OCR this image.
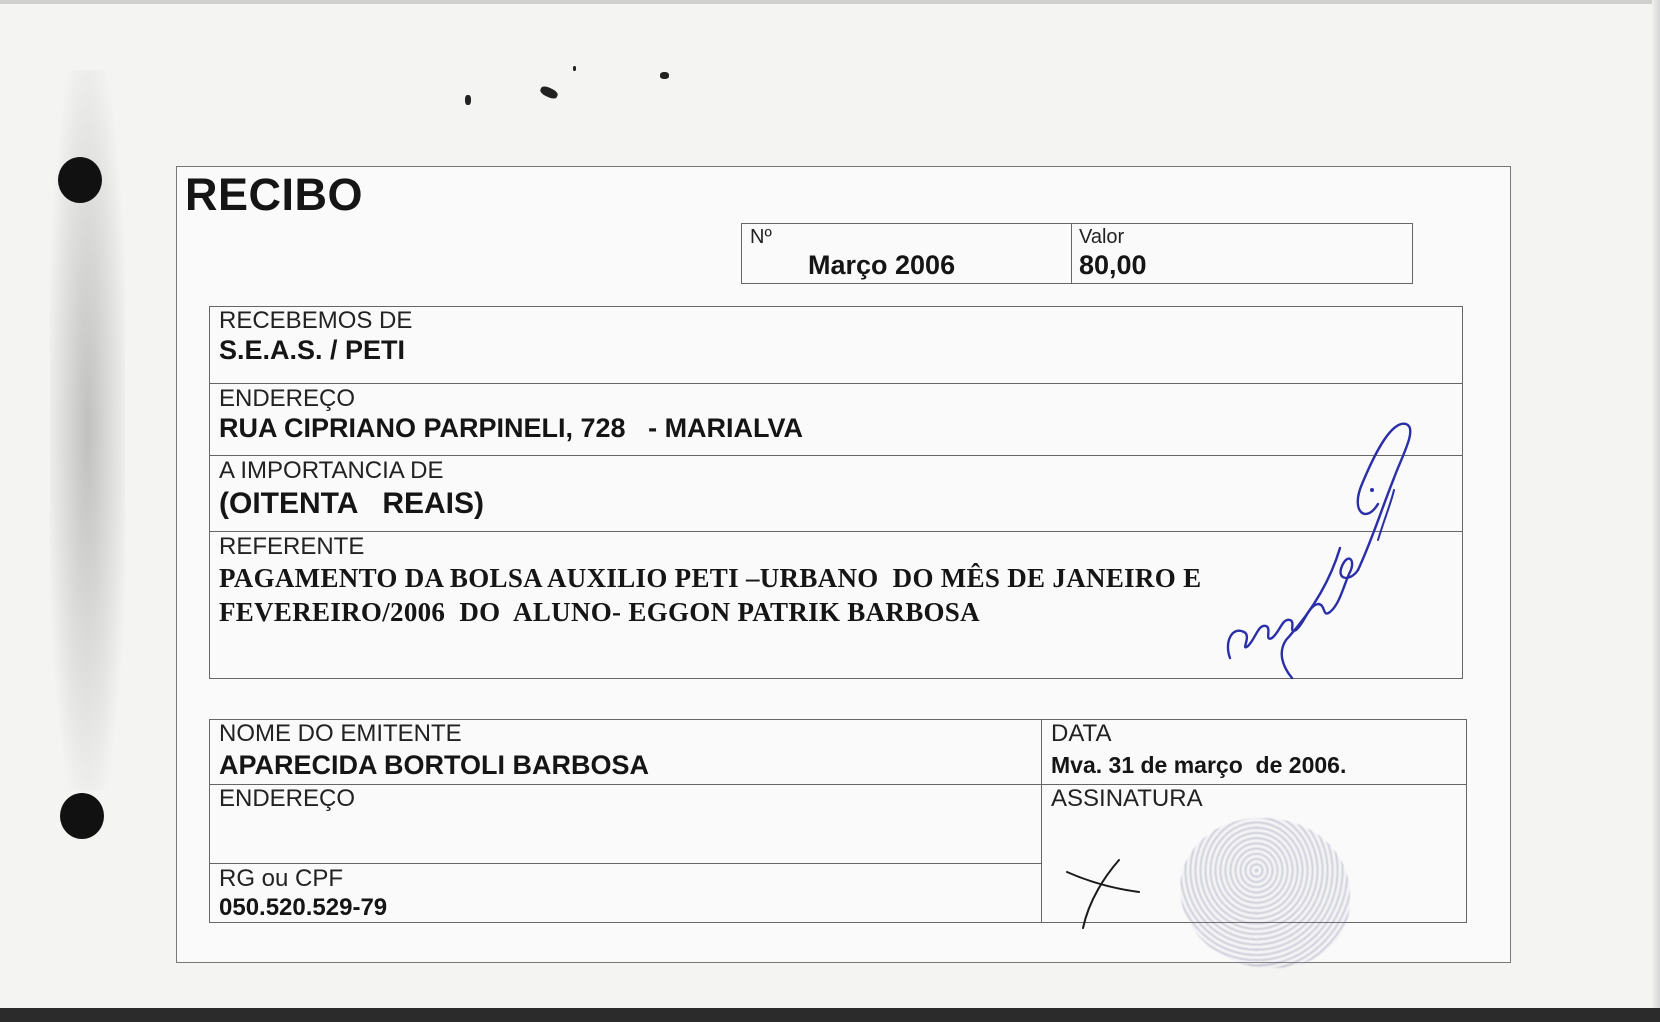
RECIBO
Nº
Março 2006
Valor
80,00
RECEBEMOS DE
S.E.A.S. / PETI
ENDEREÇO
RUA CIPRIANO PARPINELI, 728   - MARIALVA
A IMPORTANCIA DE
(OITENTA   REAIS)
REFERENTE
PAGAMENTO DA BOLSA AUXILIO PETI –URBANO  DO MÊS DE JANEIRO E
FEVEREIRO/2006  DO  ALUNO- EGGON PATRIK BARBOSA
NOME DO EMITENTE
APARECIDA BORTOLI BARBOSA
DATA
Mva. 31 de março  de 2006.
ENDEREÇO	ASSINATURA
RG ou CPF
050.520.529-79
